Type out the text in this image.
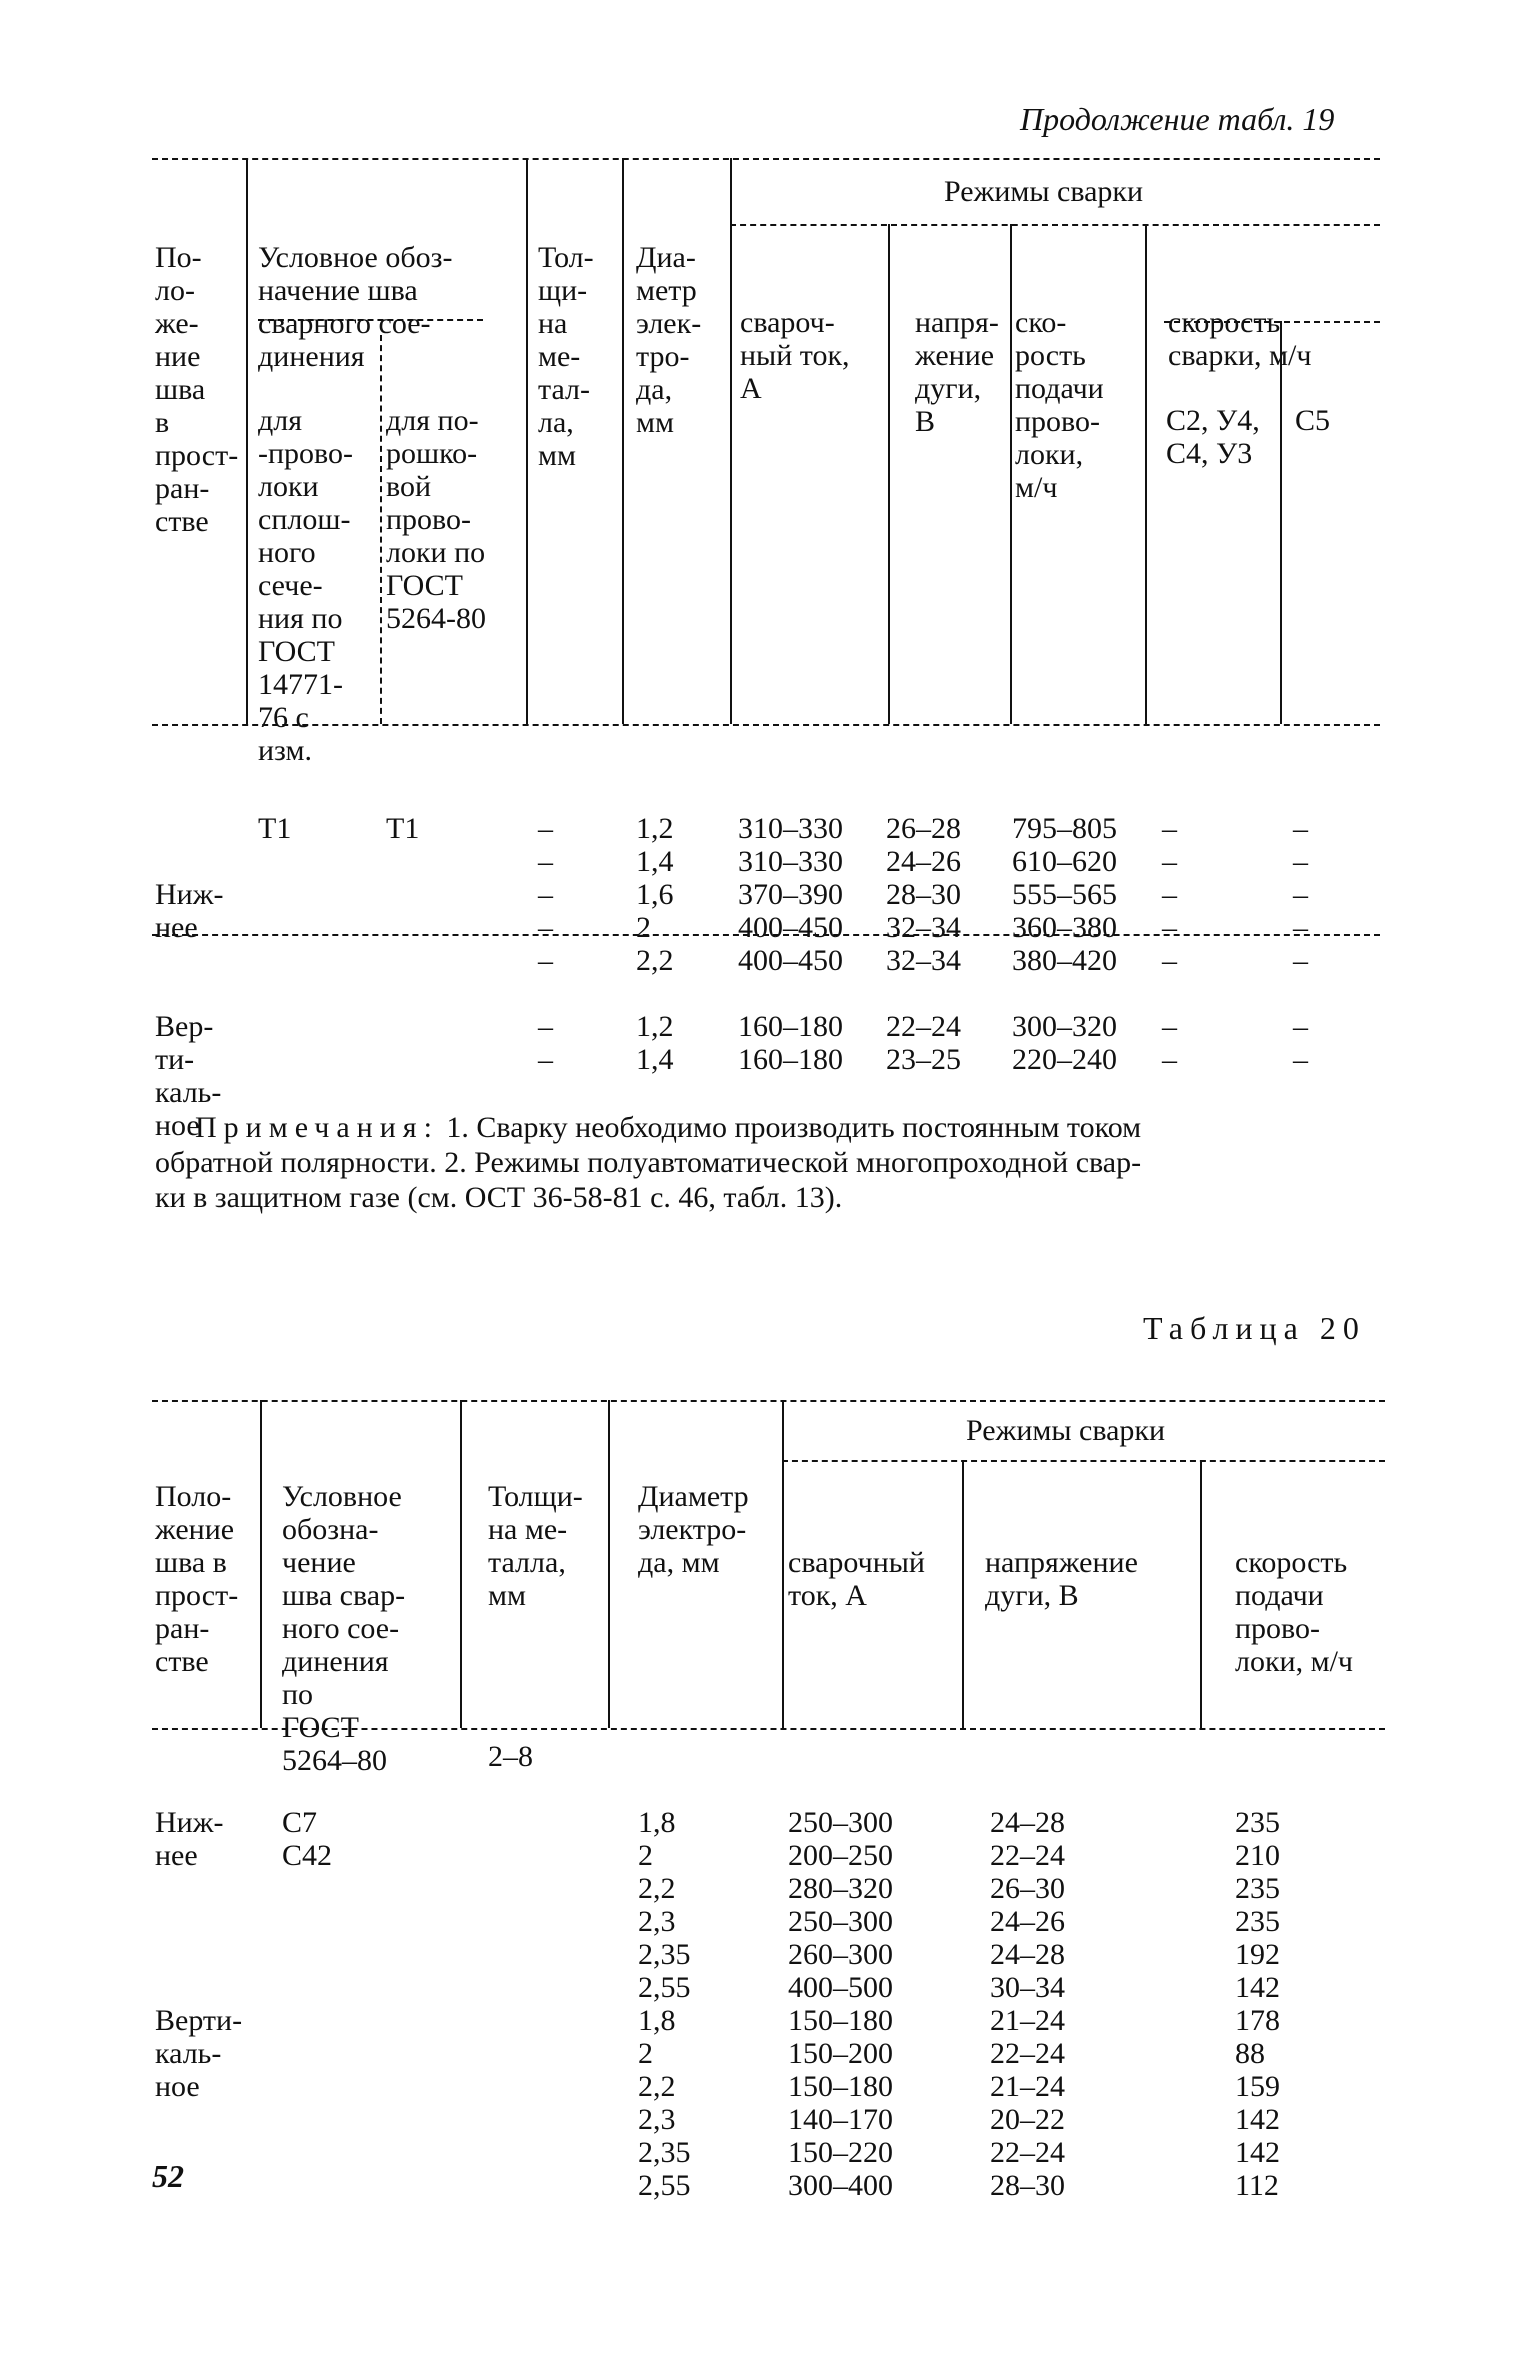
Продолжение табл. 19

По-
ло-
же-
ние
шва
в
прост-
ран-
стве

Условное обоз-
начение шва
сварного сое-
динения

для
-прово-
локи
сплош-
ного
сече-
ния по
ГОСТ
14771-
76 с
изм.

для по-
рошко-
вой
прово-
локи по
ГОСТ
5264-80

Тол-
щи-
на
ме-
тал-
ла,
мм

Диа-
метр
элек-
тро-
да,
мм

Режимы сварки

свароч-
ный ток,
А

напря-
жение
дуги,
В

ско-
рость
подачи
прово-
локи,
м/ч

скорость
сварки, м/ч

С2, У4,
С4, У3

С5

Ниж-
нее

Т1	Т1

	–
–
–
–
–

1,2
1,4
1,6
2
2,2

310–330
310–330
370–390
400–450
400–450

26–28
24–26
28–30
32–34
32–34

795–805
610–620
555–565
360–380
380–420

–
–
–
–
–

–
–
–
–
–

Вер-
ти-
каль-
ное

–
–

1,2
1,4

160–180
160–180

22–24
23–25

300–320
220–240

–
–

–
–

Примечания: 1. Сварку необходимо производить постоянным током
обратной полярности. 2. Режимы полуавтоматической многопроходной свар-
ки в защитном газе (см. ОСТ 36-58-81 с. 46, табл. 13).
Таблица 20

Поло-
жение
шва в
прост-
ран-
стве

Условное
обозна-
чение
шва свар-
ного сое-
динения
по
ГОСТ
5264–80

Толщи-
на ме-
талла,
мм

Диаметр
электро-
да, мм

Режимы сварки

сварочный
ток, А

напряжение
дуги, В

скорость
подачи
прово-
локи, м/ч

Ниж-
нее

С7
С42

2–8

1,8
2
2,2
2,3
2,35
2,55

250–300
200–250
280–320
250–300
260–300
400–500

24–28
22–24
26–30
24–26
24–28
30–34

235
210
235
235
192
142

Верти-
каль-
ное

1,8
2
2,2
2,3
2,35
2,55

150–180
150–200
150–180
140–170
150–220
300–400

21–24
22–24
21–24
20–22
22–24
28–30

178
88
159
142
142
112

52
